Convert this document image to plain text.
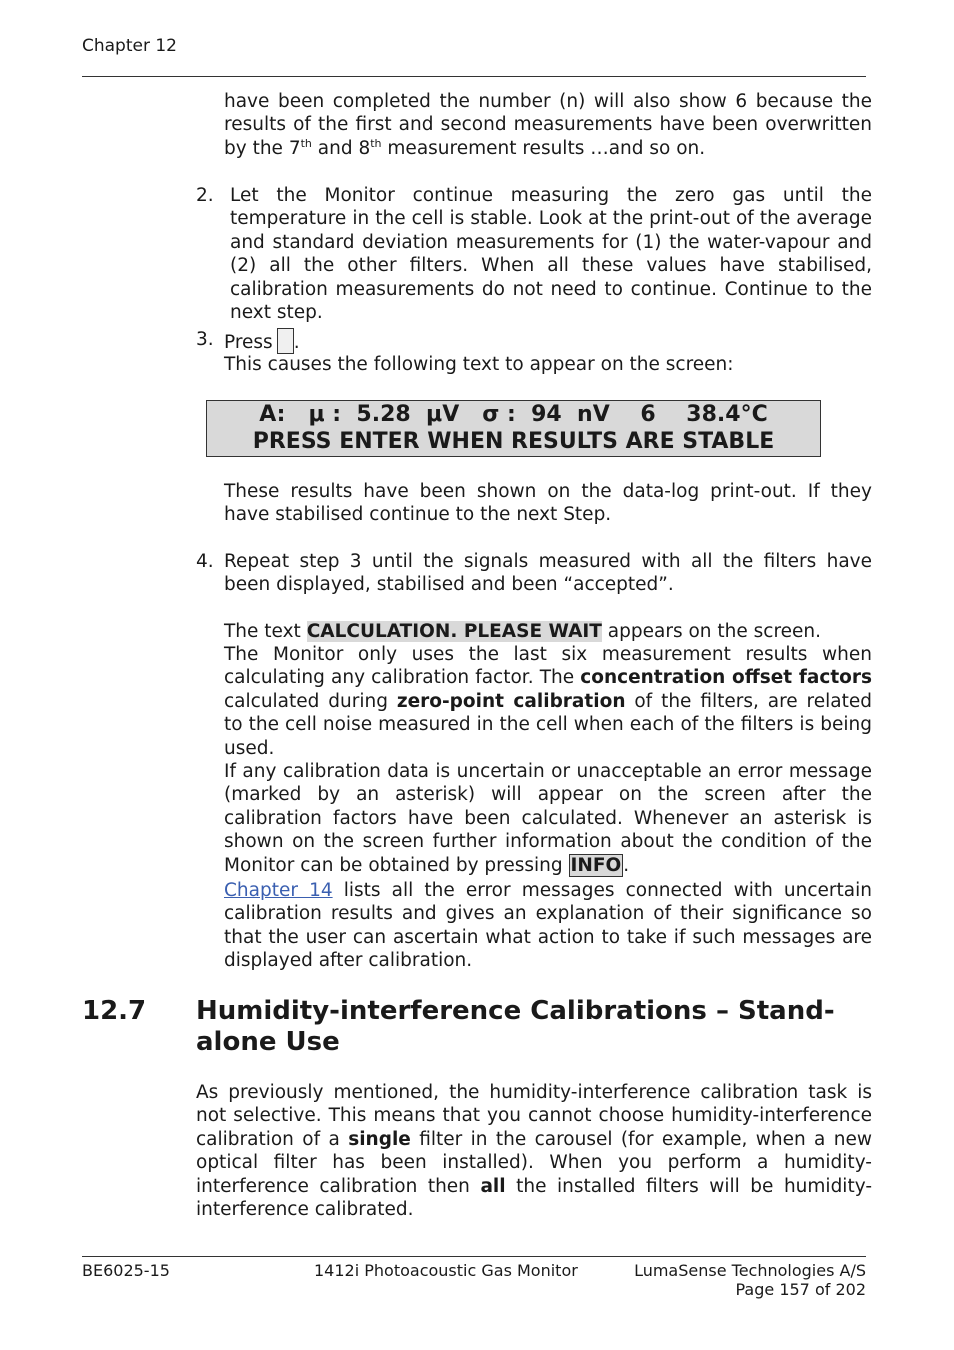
Chapter 12
have been completed the number (n) will also show 6 because the results of the first and second measurements have been overwritten by the 7th and 8th measurement results …and so on.
2. Let the Monitor continue measuring the zero gas until the temperature in the cell is stable. Look at the print-out of the average and standard deviation measurements for (1) the water-vapour and (2) all the other filters. When all these values have stabilised, calibration measurements do not need to continue. Continue to the next step.
3. Press .
This causes the following text to appear on the screen:
A:   μ :  5.28  μV   σ :  94  nV    6    38.4°C
PRESS ENTER WHEN RESULTS ARE STABLE
These results have been shown on the data-log print-out. If they have stabilised continue to the next Step.
4. Repeat step 3 until the signals measured with all the filters have been displayed, stabilised and been “accepted”.
The text CALCULATION. PLEASE WAIT appears on the screen.
The Monitor only uses the last six measurement results when calculating any calibration factor. The concentration offset factors calculated during zero-point calibration of the filters, are related to the cell noise measured in the cell when each of the filters is being used.
If any calibration data is uncertain or unacceptable an error message (marked by an asterisk) will appear on the screen after the calibration factors have been calculated. Whenever an asterisk is shown on the screen further information about the condition of the Monitor can be obtained by pressing INFO .
Chapter 14 lists all the error messages connected with uncertain calibration results and gives an explanation of their significance so that the user can ascertain what action to take if such messages are displayed after calibration.
12.7 Humidity-interference Calibrations – Stand-
alone Use
As previously mentioned, the humidity-interference calibration task is not selective. This means that you cannot choose humidity-interference calibration of a single filter in the carousel (for example, when a new optical filter has been installed). When you perform a humidity-interference calibration then all the installed filters will be humidity-interference calibrated.
BE6025-15	1412i Photoacoustic Gas Monitor	LumaSense Technologies A/S
Page 157 of 202
